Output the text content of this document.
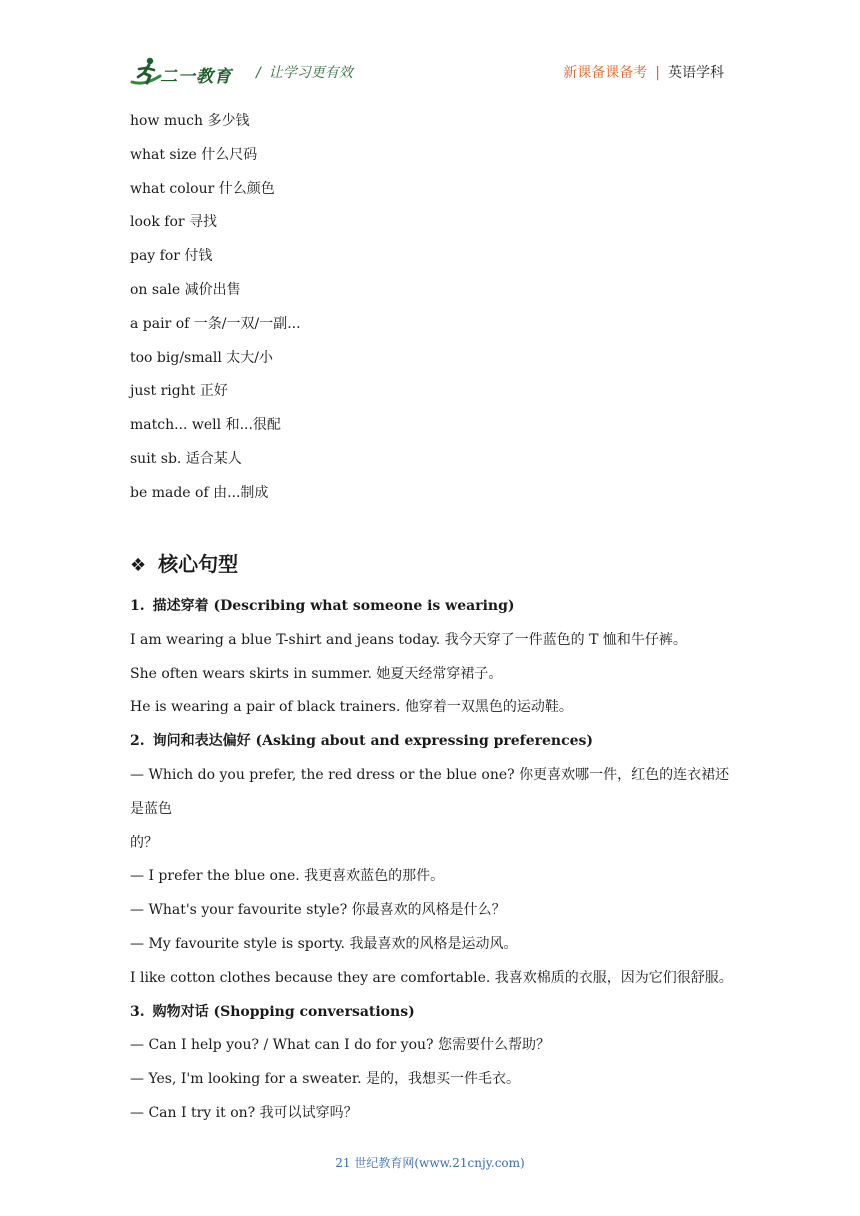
二一教育 / 让学习更有效	新课备课备考 | 英语学科
how much 多少钱
what size 什么尺码
what colour 什么颜色
look for 寻找
pay for 付钱
on sale 减价出售
a pair of 一条/一双/一副...
too big/small 太大/小
just right 正好
match... well 和...很配
suit sb. 适合某人
be made of 由...制成
❖ 核心句型
1. 描述穿着 (Describing what someone is wearing)
I am wearing a blue T-shirt and jeans today. 我今天穿了一件蓝色的 T 恤和牛仔裤。
She often wears skirts in summer. 她夏天经常穿裙子。
He is wearing a pair of black trainers. 他穿着一双黑色的运动鞋。
2. 询问和表达偏好 (Asking about and expressing preferences)
— Which do you prefer, the red dress or the blue one? 你更喜欢哪一件，红色的连衣裙还是蓝色
的？
— I prefer the blue one. 我更喜欢蓝色的那件。
— What's your favourite style? 你最喜欢的风格是什么？
— My favourite style is sporty. 我最喜欢的风格是运动风。
I like cotton clothes because they are comfortable. 我喜欢棉质的衣服，因为它们很舒服。
3. 购物对话 (Shopping conversations)
— Can I help you? / What can I do for you? 您需要什么帮助？
— Yes, I'm looking for a sweater. 是的，我想买一件毛衣。
— Can I try it on? 我可以试穿吗？
21 世纪教育网(www.21cnjy.com)
